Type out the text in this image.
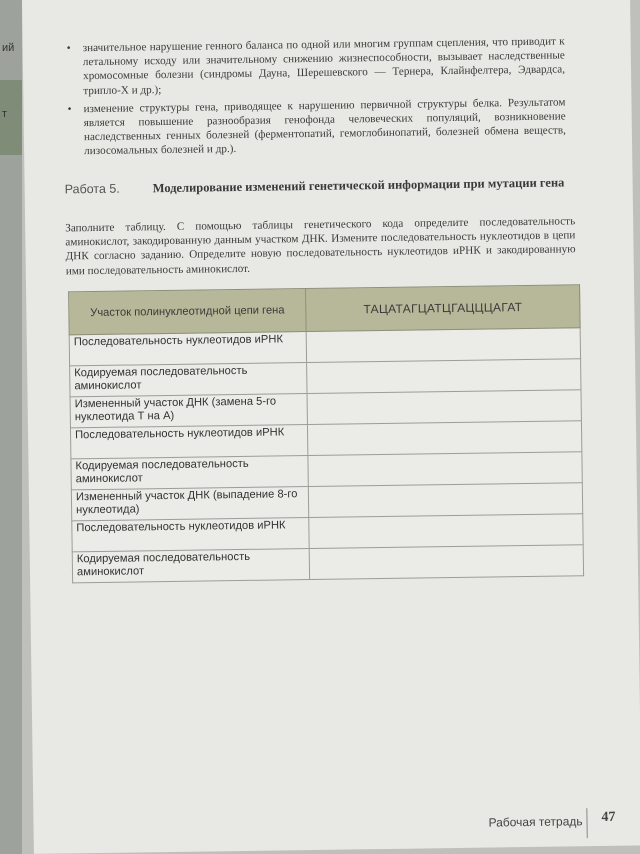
ий
т
• значительное нарушение генного баланса по одной или многим группам сцепления, что приводит к летальному исходу или значительному снижению жизнеспособности, вызывает наследственные хромосомные болезни (синдромы Дауна, Шерешевского — Тернера, Клайнфелтера, Эдвардса, трипло-Х и др.);
• изменение структуры гена, приводящее к нарушению первичной структуры белка. Результатом является повышение разнообразия генофонда человеческих популяций, возникновение наследственных генных болезней (ферментопатий, гемоглобинопатий, болезней обмена веществ, лизосомальных болезней и др.).
Работа 5.	Моделирование изменений генетической информации при мутации гена

Заполните таблицу. С помощью таблицы генетического кода определите последовательность аминокислот, закодированную данным участком ДНК. Измените последовательность нуклеотидов в цепи ДНК согласно заданию. Определите новую последовательность нуклеотидов иРНК и закодированную ими последовательность аминокислот.

Участок полинуклеотидной цепи гена	ТАЦАТАГЦАТЦГАЦЦЦАГАТ
Последовательность нуклеотидов иРНК	
Кодируемая последовательность аминокислот	
Измененный участок ДНК (замена 5-го нуклеотида Т на А)	
Последовательность нуклеотидов иРНК	
Кодируемая последовательность аминокислот	
Измененный участок ДНК (выпадение 8-го нуклеотида)	
Последовательность нуклеотидов иРНК	
Кодируемая последовательность аминокислот	
Рабочая тетрадь 47
